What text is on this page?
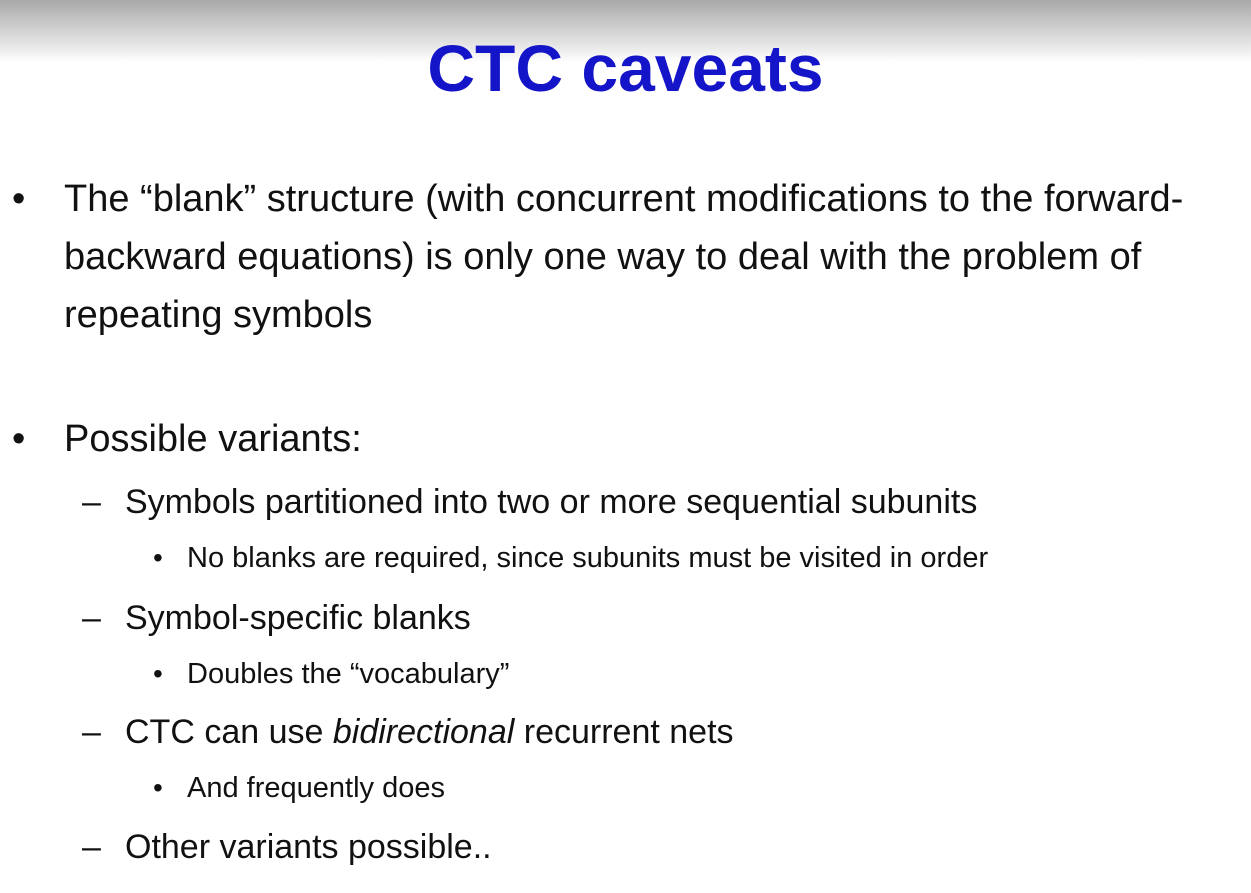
CTC caveats
• The “blank” structure (with concurrent modifications to the forward-backward equations) is only one way to deal with the problem of repeating symbols
• Possible variants:
– Symbols partitioned into two or more sequential subunits
• No blanks are required, since subunits must be visited in order
– Symbol-specific blanks
• Doubles the “vocabulary”
– CTC can use bidirectional recurrent nets
• And frequently does
– Other variants possible..
